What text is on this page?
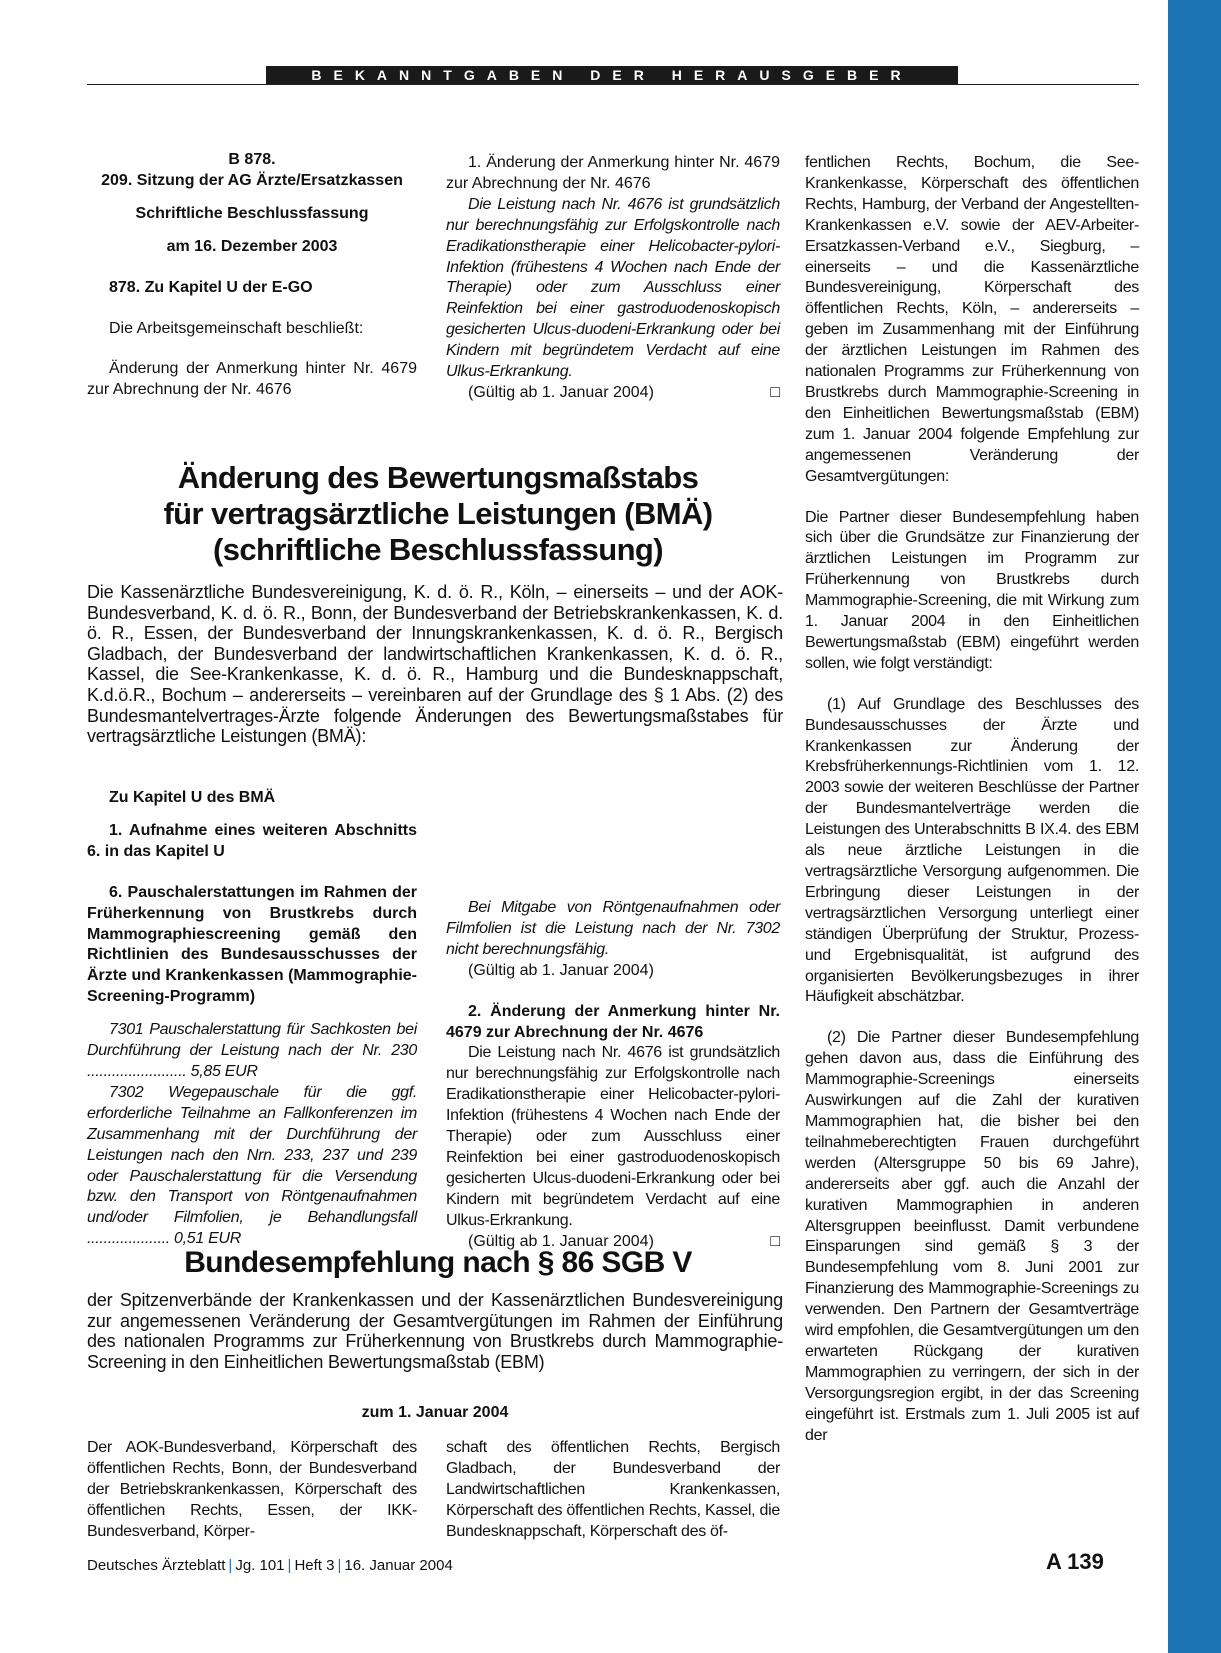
BEKANNTGABEN DER HERAUSGEBER

B 878.

209. Sitzung der AG Ärzte/Ersatzkassen

Schriftliche Beschlussfassung

am 16. Dezember 2003

878. Zu Kapitel U der E-GO

Die Arbeitsgemeinschaft beschließt:

Änderung der Anmerkung hinter Nr. 4679 zur Abrechnung der Nr. 4676

1. Änderung der Anmerkung hinter Nr. 4679 zur Abrechnung der Nr. 4676

Die Leistung nach Nr. 4676 ist grundsätzlich nur berechnungsfähig zur Erfolgskontrolle nach Eradikationstherapie einer Helicobacter-pylori-Infektion (frühestens 4 Wochen nach Ende der Therapie) oder zum Ausschluss einer Reinfektion bei einer gastroduodenoskopisch gesicherten Ulcus-duodeni-Erkrankung oder bei Kindern mit begründetem Verdacht auf eine Ulkus-Erkrankung.

(Gültig ab 1. Januar 2004)	□

Änderung des Bewertungsmaßstabs
für vertragsärztliche Leistungen (BMÄ)
(schriftliche Beschlussfassung)
Die Kassenärztliche Bundesvereinigung, K. d. ö. R., Köln, – einerseits – und der AOK-Bundesverband, K. d. ö. R., Bonn, der Bundesverband der Betriebskrankenkassen, K. d. ö. R., Essen, der Bundesverband der Innungskrankenkassen, K. d. ö. R., Bergisch Gladbach, der Bundesverband der landwirtschaftlichen Krankenkassen, K. d. ö. R., Kassel, die See-Krankenkasse, K. d. ö. R., Hamburg und die Bundesknappschaft, K.d.ö.R., Bochum – andererseits – vereinbaren auf der Grundlage des § 1 Abs. (2) des Bundesmantelvertrages-Ärzte folgende Änderungen des Bewertungsmaßstabes für vertragsärztliche Leistungen (BMÄ):

Zu Kapitel U des BMÄ

1. Aufnahme eines weiteren Abschnitts 6. in das Kapitel U

6. Pauschalerstattungen im Rahmen der Früherkennung von Brustkrebs durch Mammographiescreening gemäß den Richtlinien des Bundesausschusses der Ärzte und Krankenkassen (Mammographie-Screening-Programm)

7301 Pauschalerstattung für Sachkosten bei Durchführung der Leistung nach der Nr. 230 ........................ 5,85 EUR

7302 Wegepauschale für die ggf. erforderliche Teilnahme an Fallkonferenzen im Zusammenhang mit der Durchführung der Leistungen nach den Nrn. 233, 237 und 239 oder Pauschalerstattung für die Versendung bzw. den Transport von Röntgenaufnahmen und/oder Filmfolien, je Behandlungsfall .................... 0,51 EUR

Bei Mitgabe von Röntgenaufnahmen oder Filmfolien ist die Leistung nach der Nr. 7302 nicht berechnungsfähig.

(Gültig ab 1. Januar 2004)

2. Änderung der Anmerkung hinter Nr. 4679 zur Abrechnung der Nr. 4676

Die Leistung nach Nr. 4676 ist grundsätzlich nur berechnungsfähig zur Erfolgskontrolle nach Eradikationstherapie einer Helicobacter-pylori-Infektion (frühestens 4 Wochen nach Ende der Therapie) oder zum Ausschluss einer Reinfektion bei einer gastroduodenoskopisch gesicherten Ulcus-duodeni-Erkrankung oder bei Kindern mit begründetem Verdacht auf eine Ulkus-Erkrankung.

(Gültig ab 1. Januar 2004)	□

Bundesempfehlung nach § 86 SGB V
der Spitzenverbände der Krankenkassen und der Kassenärztlichen Bundesvereinigung zur angemessenen Veränderung der Gesamtvergütungen im Rahmen der Einführung des nationalen Programms zur Früherkennung von Brustkrebs durch Mammographie-Screening in den Einheitlichen Bewertungsmaßstab (EBM)
zum 1. Januar 2004
Der AOK-Bundesverband, Körperschaft des öffentlichen Rechts, Bonn, der Bundesverband der Betriebskrankenkassen, Körperschaft des öffentlichen Rechts, Essen, der IKK-Bundesverband, Körper-
schaft des öffentlichen Rechts, Bergisch Gladbach, der Bundesverband der Landwirtschaftlichen Krankenkassen, Körperschaft des öffentlichen Rechts, Kassel, die Bundesknappschaft, Körperschaft des öf-

fentlichen Rechts, Bochum, die See-Krankenkasse, Körperschaft des öffentlichen Rechts, Hamburg, der Verband der Angestellten-Krankenkassen e.V. sowie der AEV-Arbeiter-Ersatzkassen-Verband e.V., Siegburg, – einerseits – und die Kassenärztliche Bundesvereinigung, Körperschaft des öffentlichen Rechts, Köln, – andererseits – geben im Zusammenhang mit der Einführung der ärztlichen Leistungen im Rahmen des nationalen Programms zur Früherkennung von Brustkrebs durch Mammographie-Screening in den Einheitlichen Bewertungsmaßstab (EBM) zum 1. Januar 2004 folgende Empfehlung zur angemessenen Veränderung der Gesamtvergütungen:

Die Partner dieser Bundesempfehlung haben sich über die Grundsätze zur Finanzierung der ärztlichen Leistungen im Programm zur Früherkennung von Brustkrebs durch Mammographie-Screening, die mit Wirkung zum 1. Januar 2004 in den Einheitlichen Bewertungsmaßstab (EBM) eingeführt werden sollen, wie folgt verständigt:

(1) Auf Grundlage des Beschlusses des Bundesausschusses der Ärzte und Krankenkassen zur Änderung der Krebsfrüherkennungs-Richtlinien vom 1. 12. 2003 sowie der weiteren Beschlüsse der Partner der Bundesmantelverträge werden die Leistungen des Unterabschnitts B IX.4. des EBM als neue ärztliche Leistungen in die vertragsärztliche Versorgung aufgenommen. Die Erbringung dieser Leistungen in der vertragsärztlichen Versorgung unterliegt einer ständigen Überprüfung der Struktur, Prozess- und Ergebnisqualität, ist aufgrund des organisierten Bevölkerungsbezuges in ihrer Häufigkeit abschätzbar.

(2) Die Partner dieser Bundesempfehlung gehen davon aus, dass die Einführung des Mammographie-Screenings einerseits Auswirkungen auf die Zahl der kurativen Mammographien hat, die bisher bei den teilnahmeberechtigten Frauen durchgeführt werden (Altersgruppe 50 bis 69 Jahre), andererseits aber ggf. auch die Anzahl der kurativen Mammographien in anderen Altersgruppen beeinflusst. Damit verbundene Einsparungen sind gemäß § 3 der Bundesempfehlung vom 8. Juni 2001 zur Finanzierung des Mammographie-Screenings zu verwenden. Den Partnern der Gesamtverträge wird empfohlen, die Gesamtvergütungen um den erwarteten Rückgang der kurativen Mammographien zu verringern, der sich in der Versorgungsregion ergibt, in der das Screening eingeführt ist. Erstmals zum 1. Juli 2005 ist auf der

Deutsches Ärzteblatt | Jg. 101 | Heft 3 | 16. Januar 2004	A 139
